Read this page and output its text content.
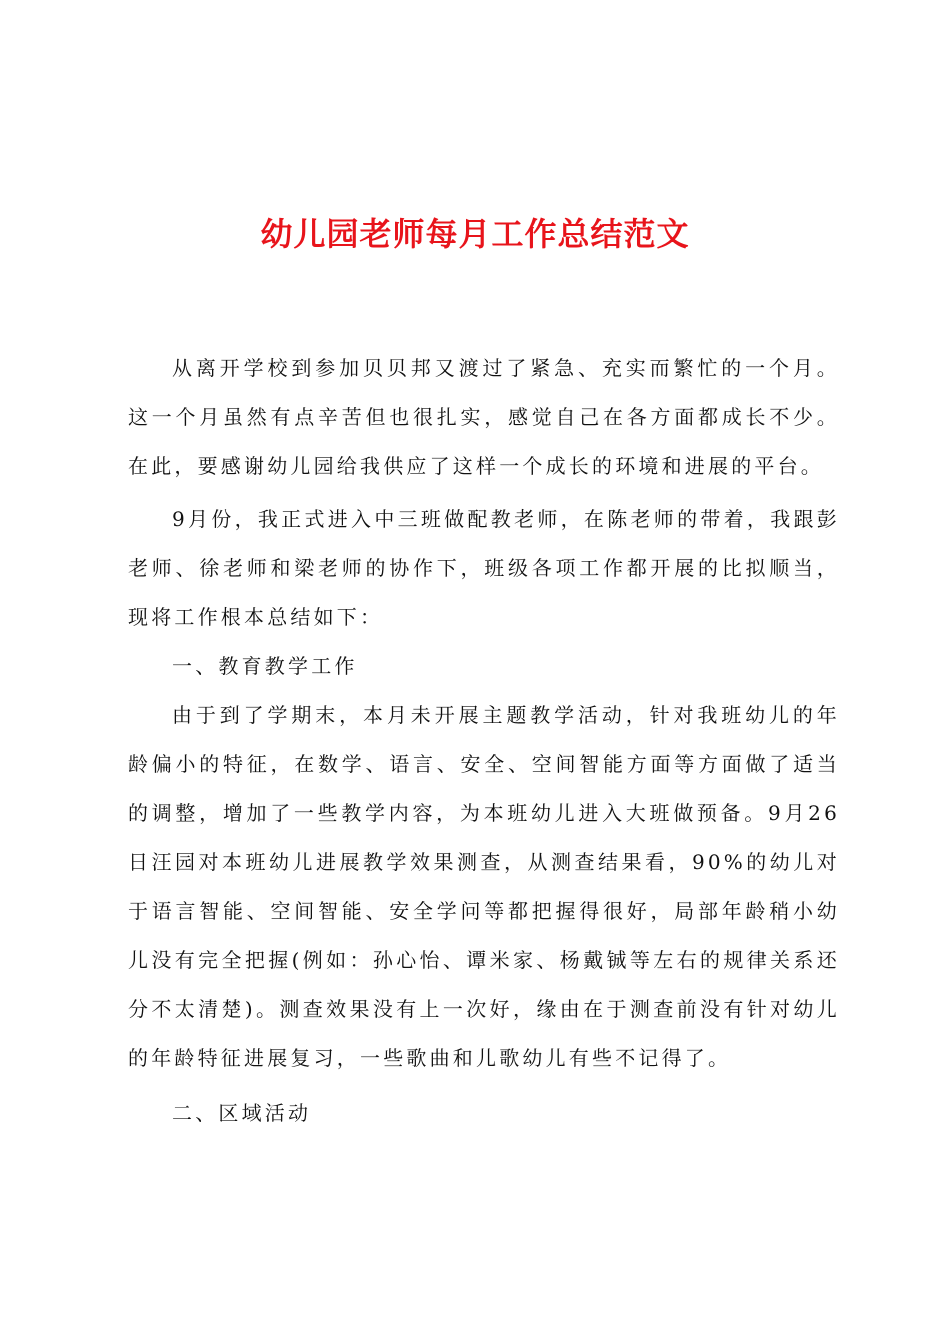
幼儿园老师每月工作总结范文

从离开学校到参加贝贝邦又渡过了紧急、充实而繁忙的一个月。这一个月虽然有点辛苦但也很扎实，感觉自己在各方面都成长不少。在此，要感谢幼儿园给我供应了这样一个成长的环境和进展的平台。

9月份，我正式进入中三班做配教老师，在陈老师的带着，我跟彭老师、徐老师和梁老师的协作下，班级各项工作都开展的比拟顺当，现将工作根本总结如下：

一、教育教学工作

由于到了学期末，本月未开展主题教学活动，针对我班幼儿的年龄偏小的特征，在数学、语言、安全、空间智能方面等方面做了适当的调整，增加了一些教学内容，为本班幼儿进入大班做预备。9月26日汪园对本班幼儿进展教学效果测查，从测查结果看，90%的幼儿对于语言智能、空间智能、安全学问等都把握得很好，局部年龄稍小幼儿没有完全把握(例如：孙心怡、谭米家、杨戴铖等左右的规律关系还分不太清楚)。测查效果没有上一次好，缘由在于测查前没有针对幼儿的年龄特征进展复习，一些歌曲和儿歌幼儿有些不记得了。

二、区域活动
